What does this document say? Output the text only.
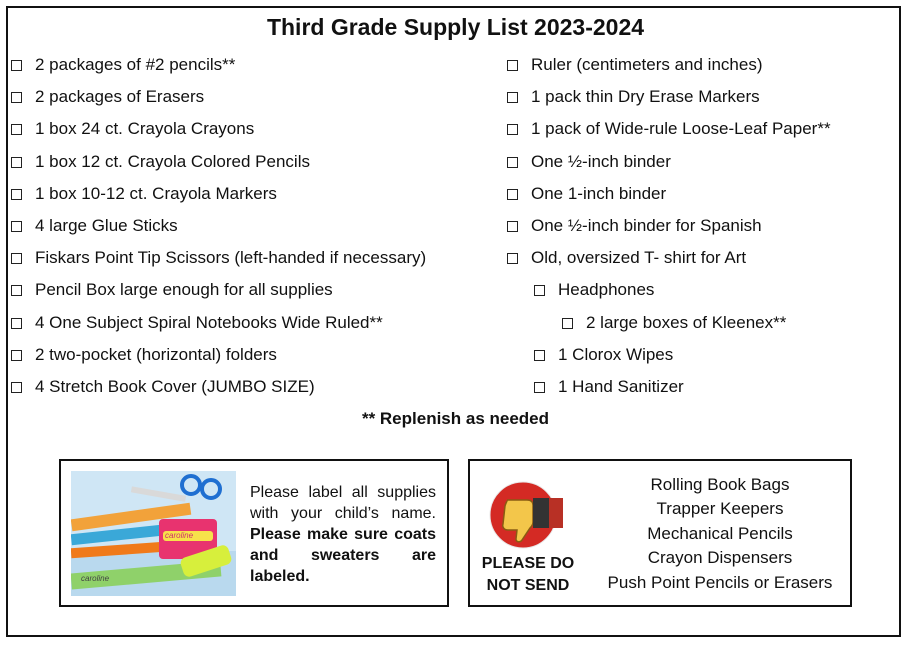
Third Grade Supply List 2023-2024
2 packages of #2 pencils**
2 packages of Erasers
1 box 24 ct. Crayola Crayons
1 box 12 ct. Crayola Colored Pencils
1 box 10-12 ct. Crayola Markers
4 large Glue Sticks
Fiskars Point Tip Scissors (left-handed if necessary)
Pencil Box large enough for all supplies
4 One Subject Spiral Notebooks Wide Ruled**
2 two-pocket (horizontal) folders
4 Stretch Book Cover (JUMBO SIZE)
Ruler (centimeters and inches)
1 pack thin Dry Erase Markers
1 pack of Wide-rule Loose-Leaf Paper**
One ½-inch binder
One 1-inch binder
One ½-inch binder for Spanish
Old, oversized T- shirt for Art
Headphones
2 large boxes of Kleenex**
1 Clorox Wipes
1 Hand Sanitizer
** Replenish as needed
caroline
caroline
Please label all supplies with your child’s name. Please make sure coats and sweaters are labeled.
PLEASE DO
NOT SEND
Rolling Book Bags
Trapper Keepers
Mechanical Pencils
Crayon Dispensers
Push Point Pencils or Erasers
